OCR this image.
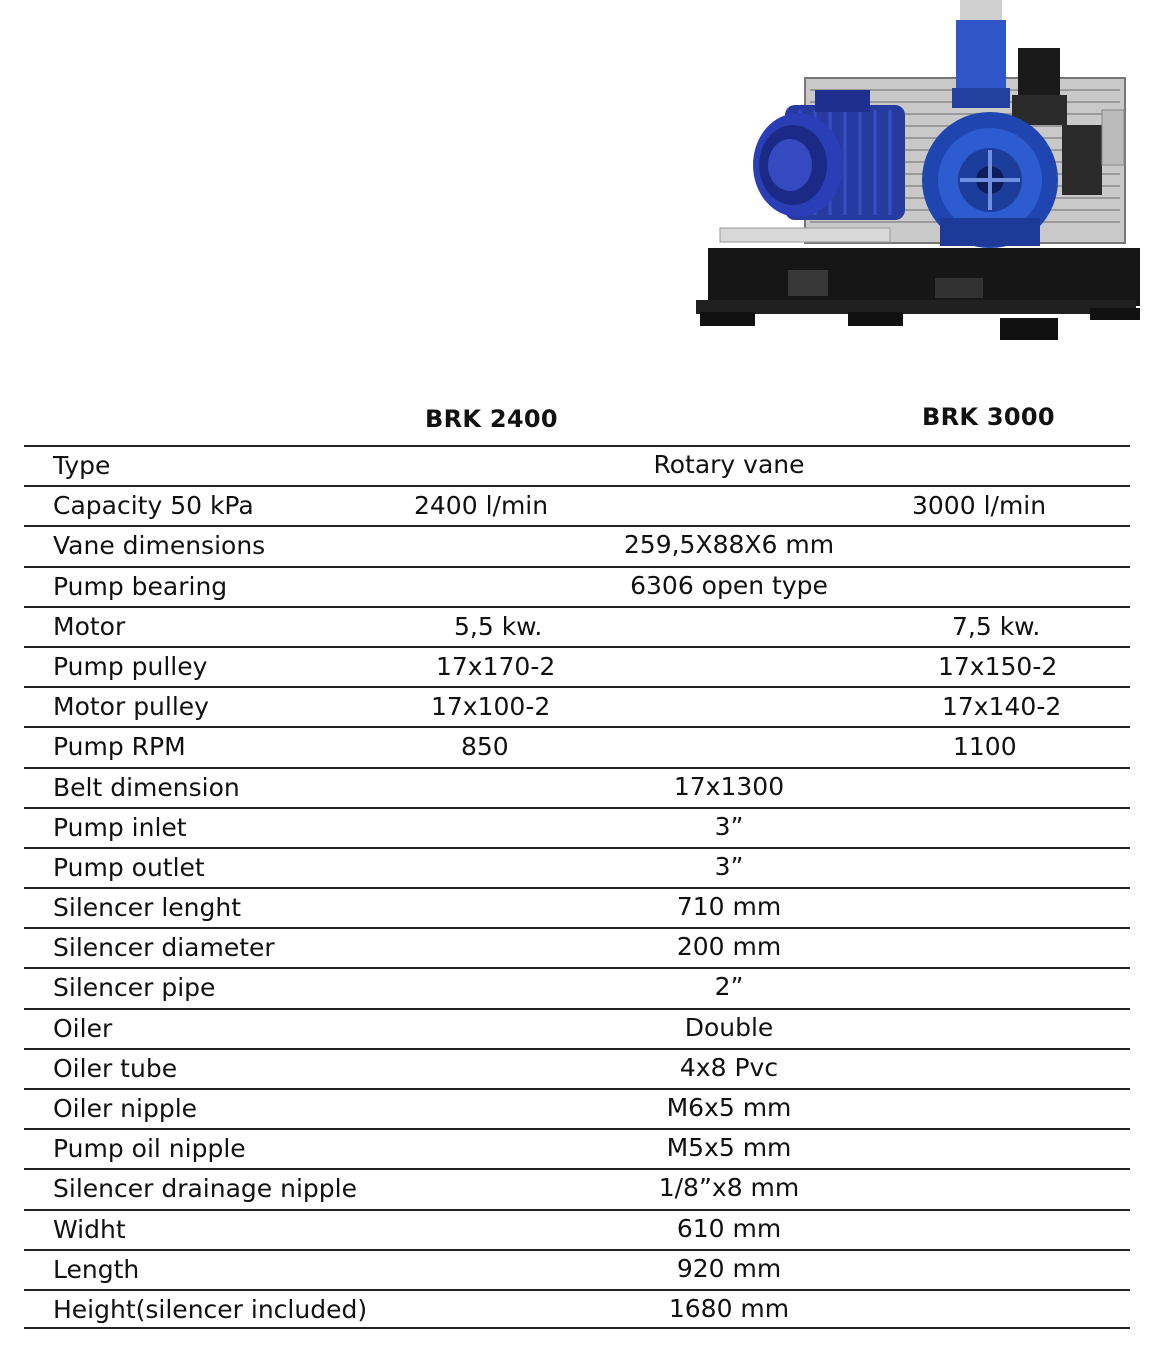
BRK 2400	BRK 3000
Type	Rotary vane
Capacity 50 kPa	2400 l/min	3000 l/min
Vane dimensions	259,5X88X6 mm
Pump bearing	6306 open type
Motor	5,5 kw.	7,5 kw.
Pump pulley	17x170-2	17x150-2
Motor pulley	17x100-2	17x140-2
Pump RPM	850	1100
Belt dimension	17x1300
Pump inlet	3”
Pump outlet	3”
Silencer lenght	710 mm
Silencer diameter	200 mm
Silencer pipe	2”
Oiler	Double
Oiler tube	4x8 Pvc
Oiler nipple	M6x5 mm
Pump oil nipple	M5x5 mm
Silencer drainage nipple	1/8”x8 mm
Widht	610 mm
Length	920 mm
Height(silencer included)	1680 mm
